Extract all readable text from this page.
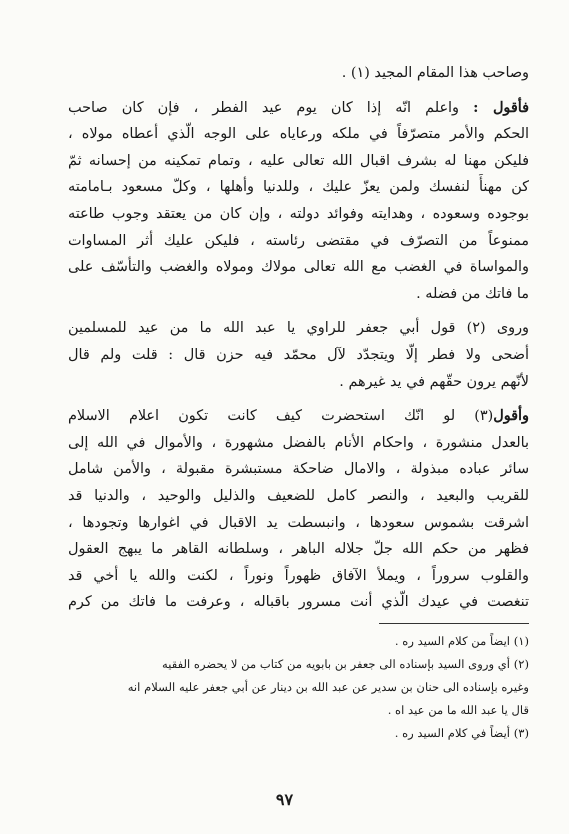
وصاحب هذا المقام المجيد (١) .

فأقول : واعلم انّه إذا كان يوم عيد الفطر ، فإن كان صاحب
الحكم والأمر متصرّفاً في ملكه ورعاياه على الوجه الّذي أعطاه مولاه ،
فليكن مهنا له بشرف اقبال الله تعالى عليه ، وتمام تمكينه من إحسانه ثمّ
كن مهنأً لنفسك ولمن يعزّ عليك ، وللدنيا وأهلها ، وكلّ مسعود بـامامته
بوجوده وسعوده ، وهدايته وفوائد دولته ، وإن كان من يعتقد وجوب طاعته
ممنوعاً من التصرّف في مقتضى رئاسته ، فليكن عليك أثر المساوات
والمواساة في الغضب مع الله تعالى مولاك ومولاه والغضب والتأسّف على
ما فاتك من فضله .

وروى (٢) قول أبي جعفر للراوي يا عبد الله ما من عيد للمسلمين
أضحى ولا فطر إلّا ويتجدّد لآل محمّد فيه حزن قال : قلت ولم قال
لأنّهم يرون حقّهم في يد غيرهم .

وأقول(٣) لو انّك استحضرت كيف كانت تكون اعلام الاسلام
بالعدل منشورة ، واحكام الأنام بالفضل مشهورة ، والأموال في الله إلى
سائر عباده مبذولة ، والامال ضاحكة مستبشرة مقبولة ، والأمن شامل
للقريب والبعيد ، والنصر كامل للضعيف والذليل والوحيد ، والدنيا قد
اشرقت بشموس سعودها ، وانبسطت يد الاقبال في اغوارها وتجودها ،
فظهر من حكم الله جلّ جلاله الباهر ، وسلطانه القاهر ما يبهج العقول
والقلوب سروراً ، ويملأ الآفاق ظهوراً ونوراً ، لكنت والله يا أخي قد
تنغصت في عيدك الّذي أنت مسرور باقباله ، وعرفت ما فاتك من كرم

(١) ايضاً من كلام السيد ره .
(٢) أي وروى السيد بإسناده الى جعفر بن بابويه من كتاب من لا يحضره الفقيه
وغيره بإسناده الى حنان بن سدير عن عبد الله بن دينار عن أبي جعفر عليه السلام انه
قال يا عبد الله ما من عيد اه .
(٣) أيضاً في كلام السيد ره .
٩٧
